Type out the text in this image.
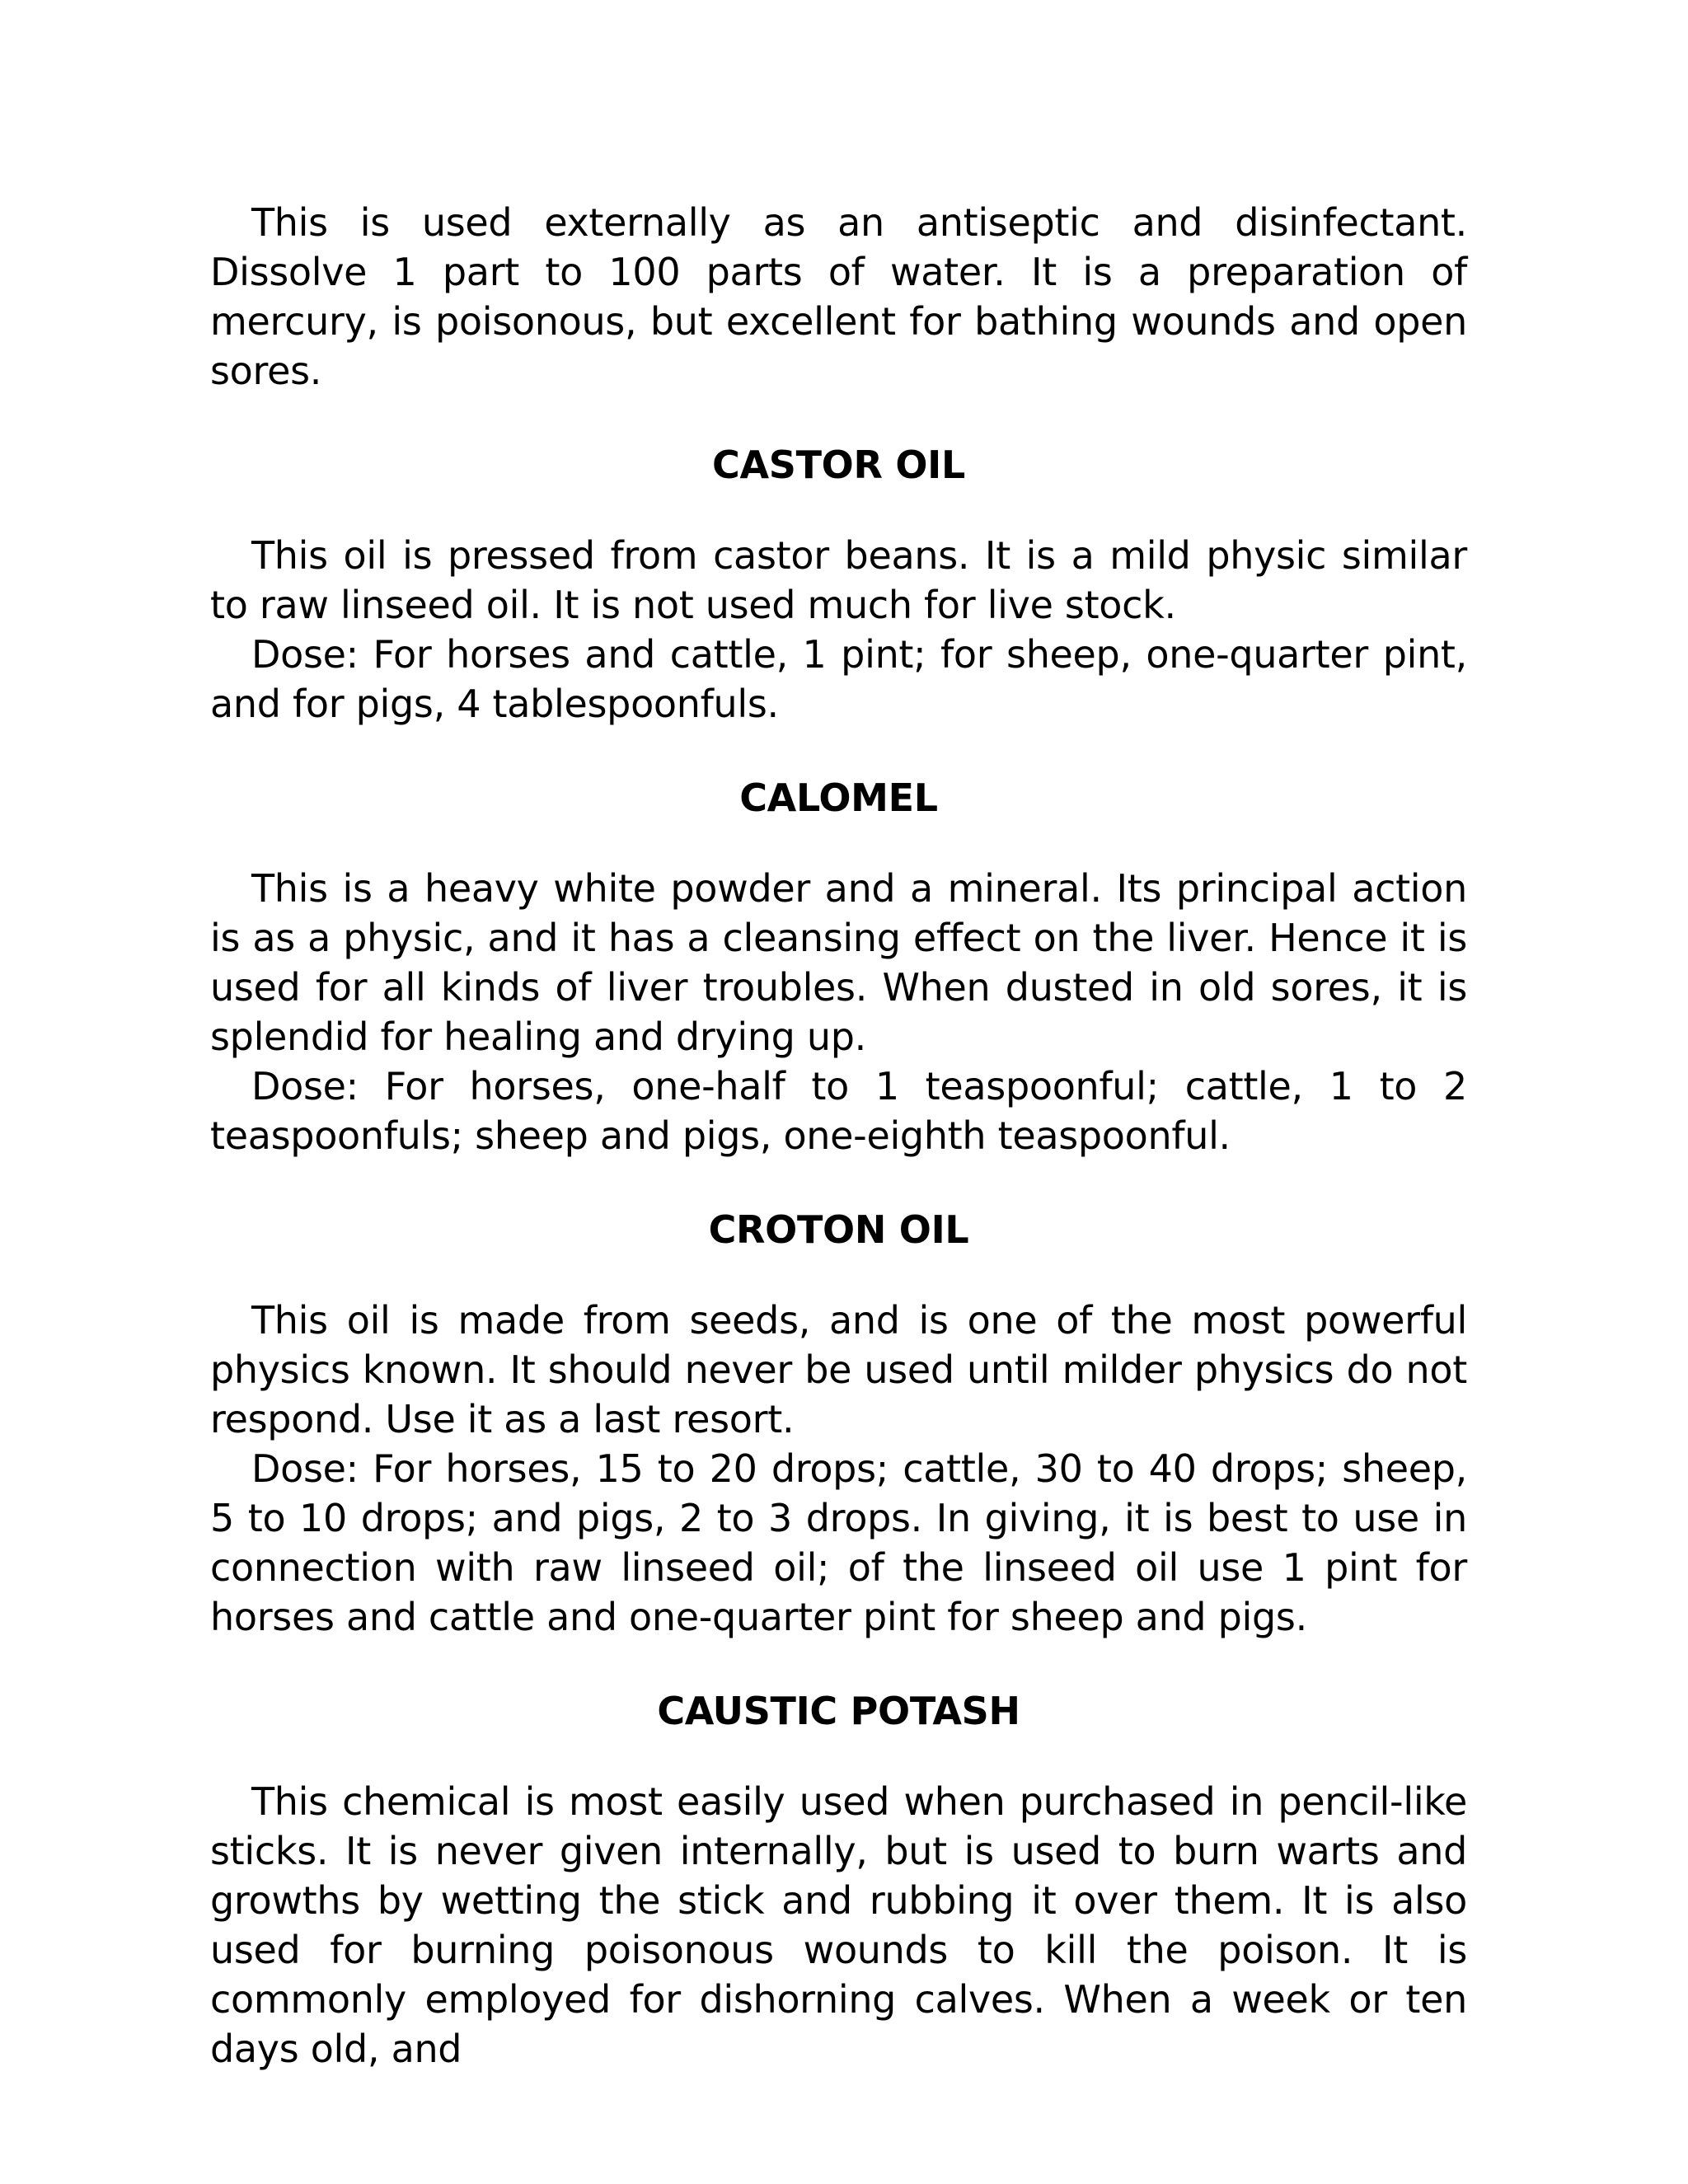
This is used externally as an antiseptic and disinfectant. Dissolve 1 part to 100 parts of water. It is a preparation of mercury, is poisonous, but excellent for bathing wounds and open sores.

CASTOR OIL

This oil is pressed from castor beans. It is a mild physic similar to raw linseed oil. It is not used much for live stock.

Dose: For horses and cattle, 1 pint; for sheep, one-quarter pint, and for pigs, 4 tablespoonfuls.

CALOMEL

This is a heavy white powder and a mineral. Its principal action is as a physic, and it has a cleansing effect on the liver. Hence it is used for all kinds of liver troubles. When dusted in old sores, it is splendid for healing and drying up.

Dose: For horses, one-half to 1 teaspoonful; cattle, 1 to 2 teaspoonfuls; sheep and pigs, one-eighth teaspoonful.

CROTON OIL

This oil is made from seeds, and is one of the most powerful physics known. It should never be used until milder physics do not respond. Use it as a last resort.

Dose: For horses, 15 to 20 drops; cattle, 30 to 40 drops; sheep, 5 to 10 drops; and pigs, 2 to 3 drops. In giving, it is best to use in connection with raw linseed oil; of the linseed oil use 1 pint for horses and cattle and one-quarter pint for sheep and pigs.

CAUSTIC POTASH

This chemical is most easily used when purchased in pencil-like sticks. It is never given internally, but is used to burn warts and growths by wetting the stick and rubbing it over them. It is also used for burning poisonous wounds to kill the poison. It is commonly employed for dishorning calves. When a week or ten days old, and
